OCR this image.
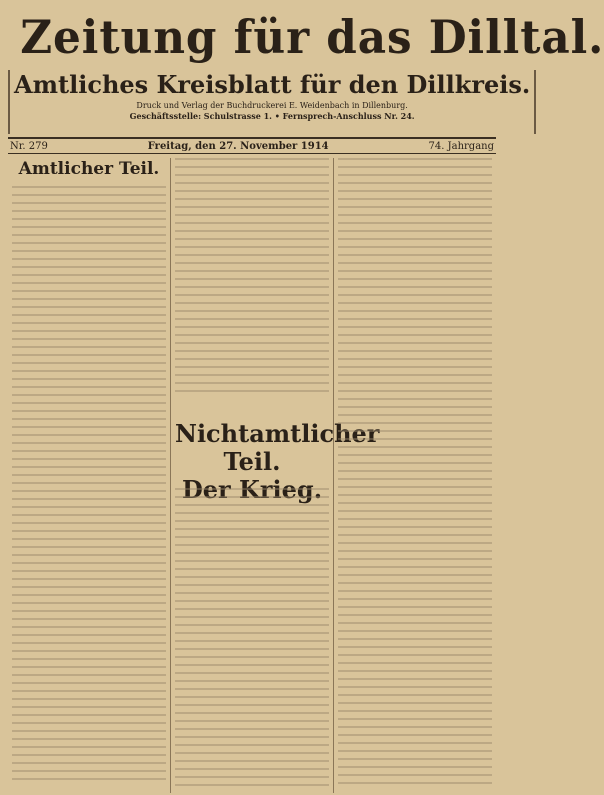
Zeitung für das Dilltal.
Amtliches Kreisblatt für den Dillkreis.
Druck und Verlag der Buchdruckerei E. Weidenbach in Dillenburg.
Geschäftsstelle: Schulstrasse 1. • Fernsprech-Anschluss Nr. 24.
Nr. 279	Freitag, den 27. November 1914	74. Jahrgang
Amtlicher Teil.
Nichtamtlicher Teil.
Der Krieg.
